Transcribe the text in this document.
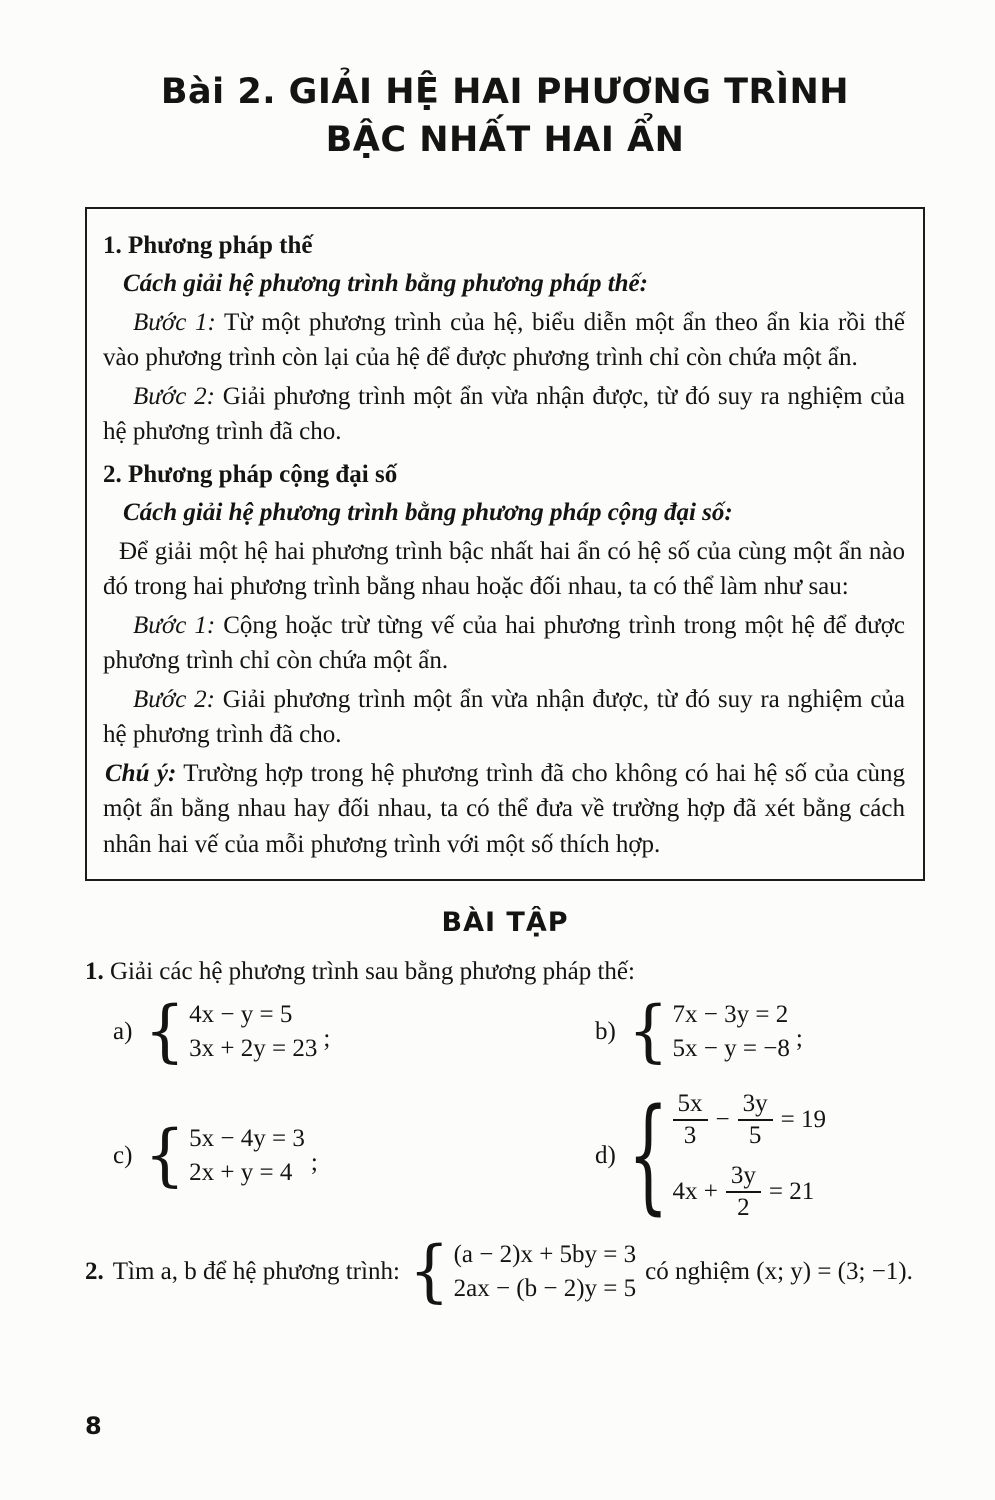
Bài 2. GIẢI HỆ HAI PHƯƠNG TRÌNH
BẬC NHẤT HAI ẨN

1. Phương pháp thế

Cách giải hệ phương trình bằng phương pháp thế:

Bước 1: Từ một phương trình của hệ, biểu diễn một ẩn theo ẩn kia rồi thế vào phương trình còn lại của hệ để được phương trình chỉ còn chứa một ẩn.

Bước 2: Giải phương trình một ẩn vừa nhận được, từ đó suy ra nghiệm của hệ phương trình đã cho.

2. Phương pháp cộng đại số

Cách giải hệ phương trình bằng phương pháp cộng đại số:

Để giải một hệ hai phương trình bậc nhất hai ẩn có hệ số của cùng một ẩn nào đó trong hai phương trình bằng nhau hoặc đối nhau, ta có thể làm như sau:

Bước 1: Cộng hoặc trừ từng vế của hai phương trình trong một hệ để được phương trình chỉ còn chứa một ẩn.

Bước 2: Giải phương trình một ẩn vừa nhận được, từ đó suy ra nghiệm của hệ phương trình đã cho.

Chú ý: Trường hợp trong hệ phương trình đã cho không có hai hệ số của cùng một ẩn bằng nhau hay đối nhau, ta có thể đưa về trường hợp đã xét bằng cách nhân hai vế của mỗi phương trình với một số thích hợp.

BÀI TẬP

1. Giải các hệ phương trình sau bằng phương pháp thế:

a) { 4x − y = 5
3x + 2y = 23 ;	b) { 7x − 3y = 2
5x − y = −8 ;
c) { 5x − 4y = 3
2x + y = 4 ;	d) { $\frac{5x}{3} - \frac{3y}{5} = 19$
$4x + \frac{3y}{2} = 21$
2. Tìm a, b để hệ phương trình: { (a − 2)x + 5by = 3
2ax − (b − 2)y = 5
có nghiệm (x; y) = (3; −1).
8
